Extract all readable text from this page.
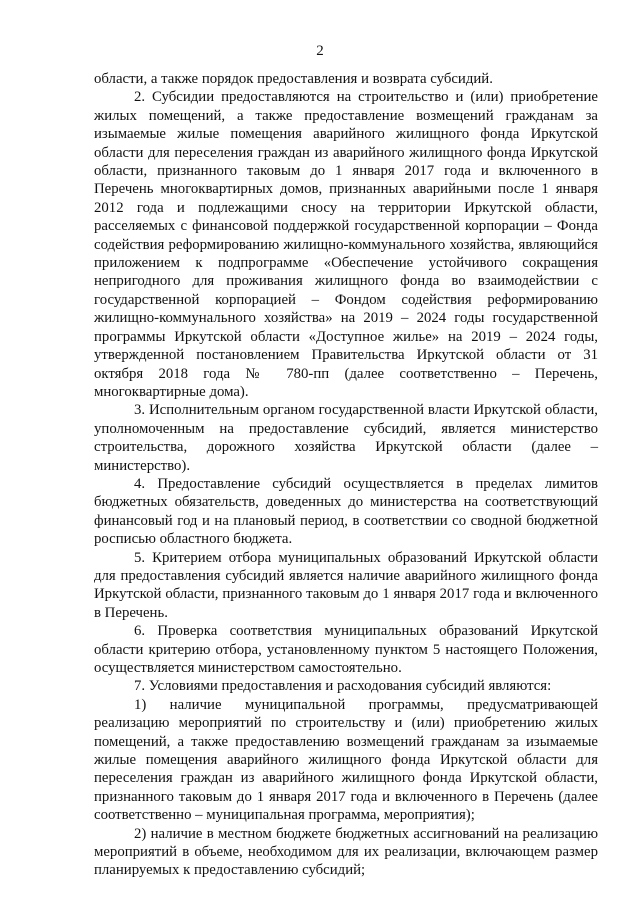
2

области, а также порядок предоставления и возврата субсидий.

2. Субсидии предоставляются на строительство и (или) приобретение жилых помещений, а также предоставление возмещений гражданам за изымаемые жилые помещения аварийного жилищного фонда Иркутской области для переселения граждан из аварийного жилищного фонда Иркутской области, признанного таковым до 1 января 2017 года и включенного в Перечень многоквартирных домов, признанных аварийными после 1 января 2012 года и подлежащими сносу на территории Иркутской области, расселяемых с финансовой поддержкой государственной корпорации – Фонда содействия реформированию жилищно-коммунального хозяйства, являющийся приложением к подпрограмме «Обеспечение устойчивого сокращения непригодного для проживания жилищного фонда во взаимодействии с государственной корпорацией – Фондом содействия реформированию жилищно-коммунального хозяйства» на 2019 – 2024 годы государственной программы Иркутской области «Доступное жилье» на 2019 – 2024 годы, утвержденной постановлением Правительства Иркутской области от 31 октября 2018 года № 780-пп (далее соответственно – Перечень, многоквартирные дома).

3. Исполнительным органом государственной власти Иркутской области, уполномоченным на предоставление субсидий, является министерство строительства, дорожного хозяйства Иркутской области (далее – министерство).

4. Предоставление субсидий осуществляется в пределах лимитов бюджетных обязательств, доведенных до министерства на соответствующий финансовый год и на плановый период, в соответствии со сводной бюджетной росписью областного бюджета.

5. Критерием отбора муниципальных образований Иркутской области для предоставления субсидий является наличие аварийного жилищного фонда Иркутской области, признанного таковым до 1 января 2017 года и включенного в Перечень.

6. Проверка соответствия муниципальных образований Иркутской области критерию отбора, установленному пунктом 5 настоящего Положения, осуществляется министерством самостоятельно.

7. Условиями предоставления и расходования субсидий являются:

1) наличие муниципальной программы, предусматривающей реализацию мероприятий по строительству и (или) приобретению жилых помещений, а также предоставлению возмещений гражданам за изымаемые жилые помещения аварийного жилищного фонда Иркутской области для переселения граждан из аварийного жилищного фонда Иркутской области, признанного таковым до 1 января 2017 года и включенного в Перечень (далее соответственно – муниципальная программа, мероприятия);

2) наличие в местном бюджете бюджетных ассигнований на реализацию мероприятий в объеме, необходимом для их реализации, включающем размер планируемых к предоставлению субсидий;
